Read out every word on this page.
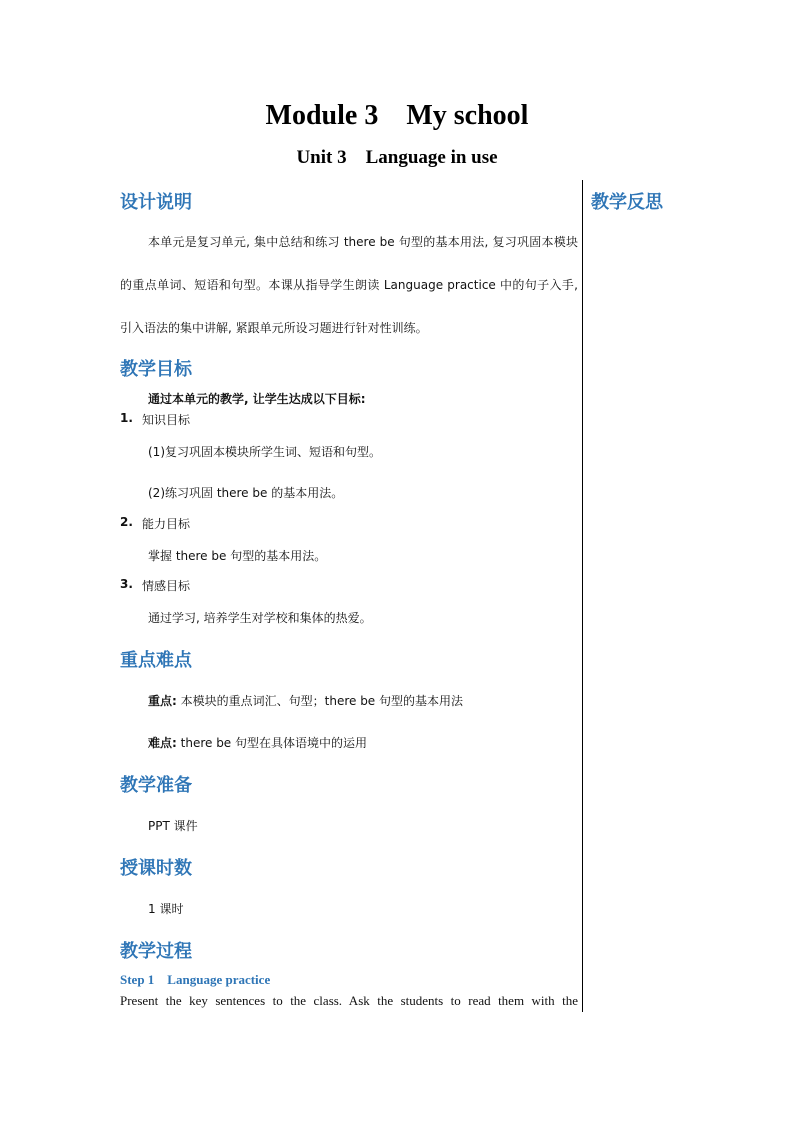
Module 3    My school
Unit 3    Language in use
教学反思
设计说明
本单元是复习单元, 集中总结和练习 there be 句型的基本用法, 复习巩固本模块的重点单词、短语和句型。本课从指导学生朗读 Language practice 中的句子入手, 引入语法的集中讲解, 紧跟单元所设习题进行针对性训练。
教学目标
通过本单元的教学, 让学生达成以下目标:
1. 知识目标
(1)复习巩固本模块所学生词、短语和句型。
(2)练习巩固 there be 的基本用法。
2. 能力目标
掌握 there be 句型的基本用法。
3. 情感目标
通过学习, 培养学生对学校和集体的热爱。
重点难点
重点: 本模块的重点词汇、句型；there be 句型的基本用法
难点: there be 句型在具体语境中的运用
教学准备
PPT 课件
授课时数
1 课时
教学过程
Step 1    Language practice
Present the key sentences to the class. Ask the students to read them with the
